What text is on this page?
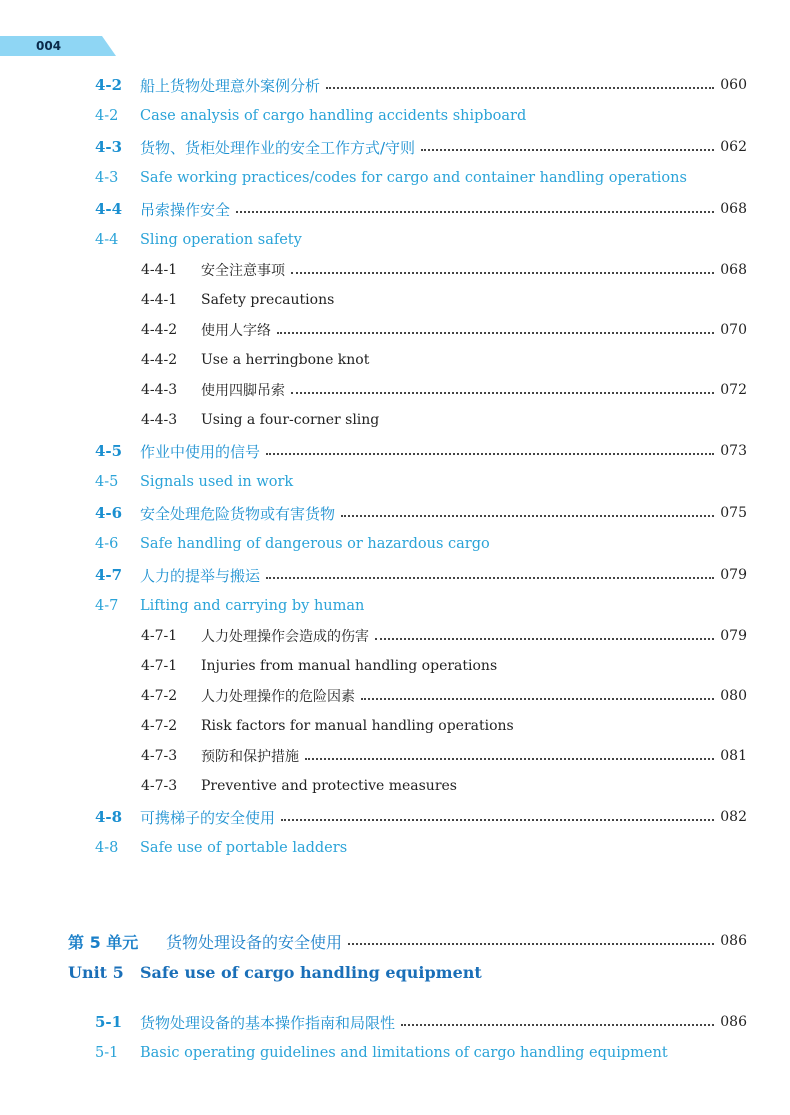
004
4-2	船上货物处理意外案例分析	060
4-2	Case analysis of cargo handling accidents shipboard
4-3	货物、货柜处理作业的安全工作方式/守则	062
4-3	Safe working practices/codes for cargo and container handling operations
4-4	吊索操作安全	068
4-4	Sling operation safety
4-4-1	安全注意事项	068
4-4-1	Safety precautions
4-4-2	使用人字络	070
4-4-2	Use a herringbone knot
4-4-3	使用四脚吊索	072
4-4-3	Using a four-corner sling
4-5	作业中使用的信号	073
4-5	Signals used in work
4-6	安全处理危险货物或有害货物	075
4-6	Safe handling of dangerous or hazardous cargo
4-7	人力的提举与搬运	079
4-7	Lifting and carrying by human
4-7-1	人力处理操作会造成的伤害	079
4-7-1	Injuries from manual handling operations
4-7-2	人力处理操作的危险因素	080
4-7-2	Risk factors for manual handling operations
4-7-3	预防和保护措施	081
4-7-3	Preventive and protective measures
4-8	可携梯子的安全使用	082
4-8	Safe use of portable ladders
第 5 单元	货物处理设备的安全使用	086
Unit 5	Safe use of cargo handling equipment
5-1	货物处理设备的基本操作指南和局限性	086
5-1	Basic operating guidelines and limitations of cargo handling equipment
